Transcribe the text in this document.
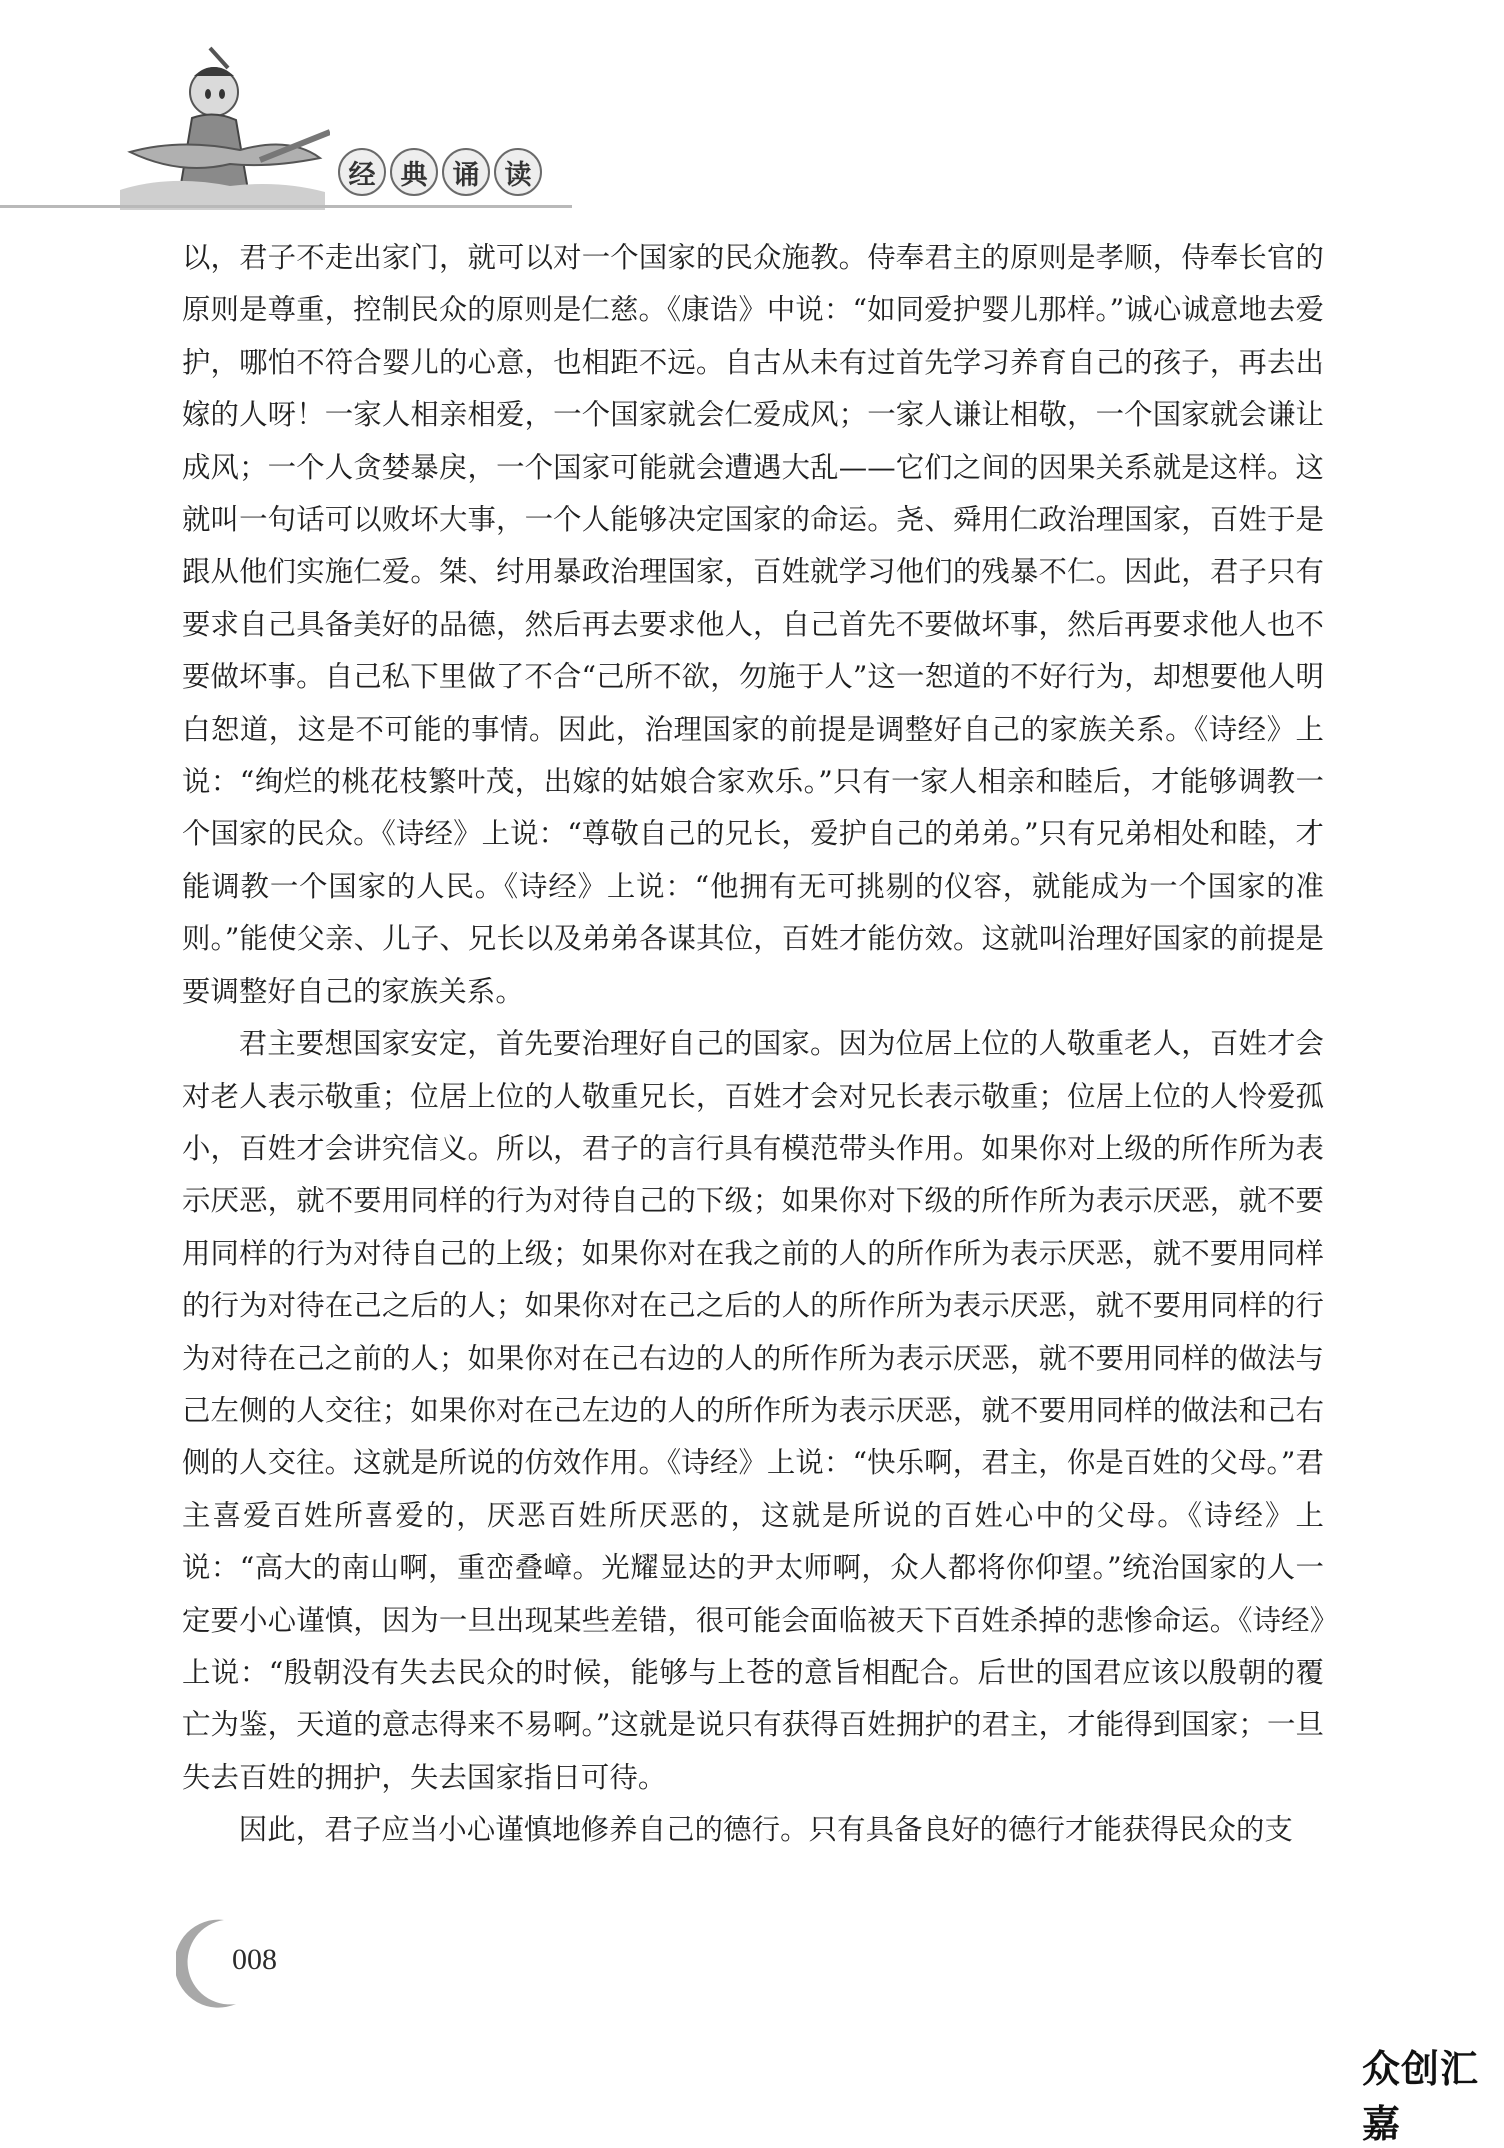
经 典 诵 读

以，君子不走出家门，就可以对一个国家的民众施教。侍奉君主的原则是孝顺，侍奉长官的原则是尊重，控制民众的原则是仁慈。《康诰》中说：“如同爱护婴儿那样。”诚心诚意地去爱护，哪怕不符合婴儿的心意，也相距不远。自古从未有过首先学习养育自己的孩子，再去出嫁的人呀！一家人相亲相爱，一个国家就会仁爱成风；一家人谦让相敬，一个国家就会谦让成风；一个人贪婪暴戾，一个国家可能就会遭遇大乱——它们之间的因果关系就是这样。这就叫一句话可以败坏大事，一个人能够决定国家的命运。尧、舜用仁政治理国家，百姓于是跟从他们实施仁爱。桀、纣用暴政治理国家，百姓就学习他们的残暴不仁。因此，君子只有要求自己具备美好的品德，然后再去要求他人，自己首先不要做坏事，然后再要求他人也不要做坏事。自己私下里做了不合“己所不欲，勿施于人”这一恕道的不好行为，却想要他人明白恕道，这是不可能的事情。因此，治理国家的前提是调整好自己的家族关系。《诗经》上说：“绚烂的桃花枝繁叶茂，出嫁的姑娘合家欢乐。”只有一家人相亲和睦后，才能够调教一个国家的民众。《诗经》上说：“尊敬自己的兄长，爱护自己的弟弟。”只有兄弟相处和睦，才能调教一个国家的人民。《诗经》上说：“他拥有无可挑剔的仪容，就能成为一个国家的准则。”能使父亲、儿子、兄长以及弟弟各谋其位，百姓才能仿效。这就叫治理好国家的前提是要调整好自己的家族关系。

君主要想国家安定，首先要治理好自己的国家。因为位居上位的人敬重老人，百姓才会对老人表示敬重；位居上位的人敬重兄长，百姓才会对兄长表示敬重；位居上位的人怜爱孤小，百姓才会讲究信义。所以，君子的言行具有模范带头作用。如果你对上级的所作所为表示厌恶，就不要用同样的行为对待自己的下级；如果你对下级的所作所为表示厌恶，就不要用同样的行为对待自己的上级；如果你对在我之前的人的所作所为表示厌恶，就不要用同样的行为对待在己之后的人；如果你对在己之后的人的所作所为表示厌恶，就不要用同样的行为对待在己之前的人；如果你对在己右边的人的所作所为表示厌恶，就不要用同样的做法与己左侧的人交往；如果你对在己左边的人的所作所为表示厌恶，就不要用同样的做法和己右侧的人交往。这就是所说的仿效作用。《诗经》上说：“快乐啊，君主，你是百姓的父母。”君主喜爱百姓所喜爱的，厌恶百姓所厌恶的，这就是所说的百姓心中的父母。《诗经》上说：“高大的南山啊，重峦叠嶂。光耀显达的尹太师啊，众人都将你仰望。”统治国家的人一定要小心谨慎，因为一旦出现某些差错，很可能会面临被天下百姓杀掉的悲惨命运。《诗经》上说：“殷朝没有失去民众的时候，能够与上苍的意旨相配合。后世的国君应该以殷朝的覆亡为鉴，天道的意志得来不易啊。”这就是说只有获得百姓拥护的君主，才能得到国家；一旦失去百姓的拥护，失去国家指日可待。

因此，君子应当小心谨慎地修养自己的德行。只有具备良好的德行才能获得民众的支

008
众创汇嘉
